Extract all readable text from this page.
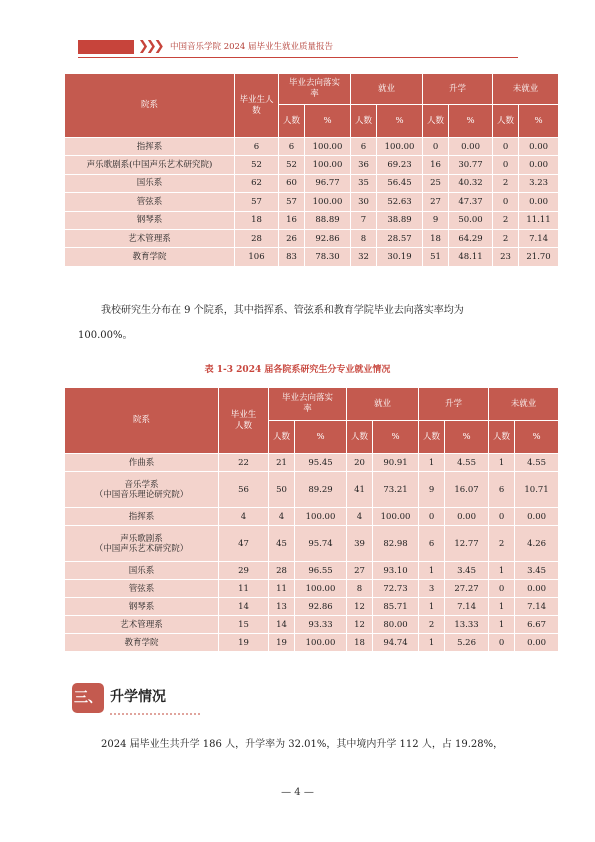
❯❯❯ 中国音乐学院 2024 届毕业生就业质量报告
院系	毕业生人数	毕业去向落实率		就业		升学		未就业	
		人数	%	人数	%	人数	%	人数	%
指挥系	6	6	100.00	6	100.00	0	0.00	0	0.00
声乐歌剧系(中国声乐艺术研究院)	52	52	100.00	36	69.23	16	30.77	0	0.00
国乐系	62	60	96.77	35	56.45	25	40.32	2	3.23
管弦系	57	57	100.00	30	52.63	27	47.37	0	0.00
钢琴系	18	16	88.89	7	38.89	9	50.00	2	11.11
艺术管理系	28	26	92.86	8	28.57	18	64.29	2	7.14
教育学院	106	83	78.30	32	30.19	51	48.11	23	21.70
我校研究生分布在 9 个院系，其中指挥系、管弦系和教育学院毕业去向落实率均为
100.00%。
表 1-3 2024 届各院系研究生分专业就业情况
院系	毕业生人数	毕业去向落实率		就业		升学		未就业	
		人数	%	人数	%	人数	%	人数	%
作曲系	22	21	95.45	20	90.91	1	4.55	1	4.55
音乐学系
（中国音乐理论研究院）	56	50	89.29	41	73.21	9	16.07	6	10.71
指挥系	4	4	100.00	4	100.00	0	0.00	0	0.00
声乐歌剧系
（中国声乐艺术研究院）	47	45	95.74	39	82.98	6	12.77	2	4.26
国乐系	29	28	96.55	27	93.10	1	3.45	1	3.45
管弦系	11	11	100.00	8	72.73	3	27.27	0	0.00
钢琴系	14	13	92.86	12	85.71	1	7.14	1	7.14
艺术管理系	15	14	93.33	12	80.00	2	13.33	1	6.67
教育学院	19	19	100.00	18	94.74	1	5.26	0	0.00
三、 升学情况
2024 届毕业生共升学 186 人，升学率为 32.01%，其中境内升学 112 人，占 19.28%，
— 4 —
